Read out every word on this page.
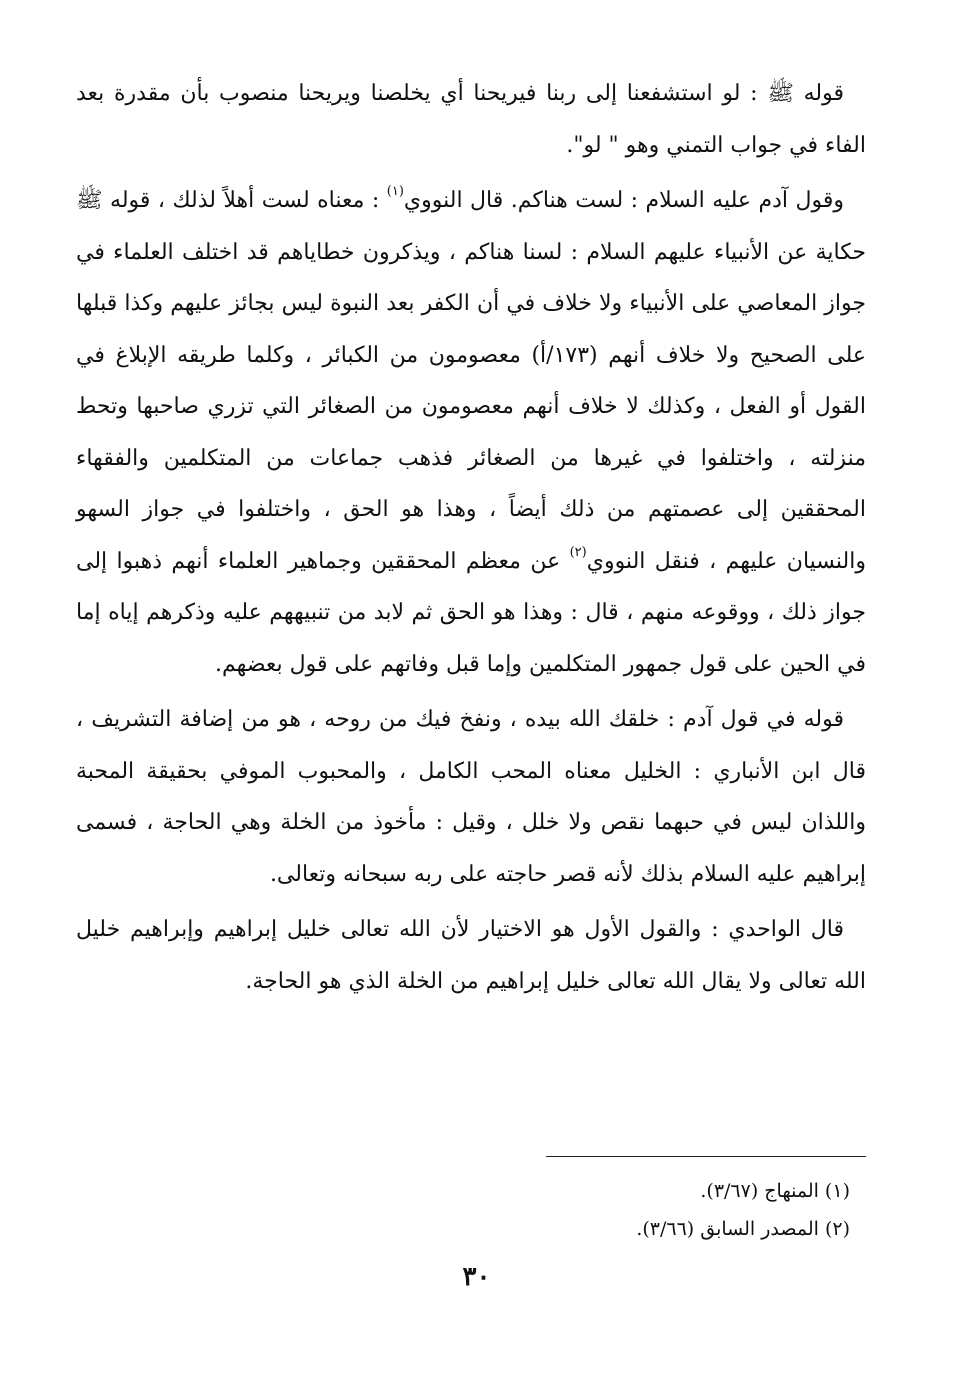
قوله ﷺ : لو استشفعنا إلى ربنا فيريحنا أي يخلصنا ويريحنا منصوب بأن مقدرة بعد الفاء في جواب التمني وهو " لو".

وقول آدم عليه السلام : لست هناكم. قال النووي$^{(١)}$ : معناه لست أهلاً لذلك ، قوله ﷺ حكاية عن الأنبياء عليهم السلام : لسنا هناكم ، ويذكرون خطاياهم قد اختلف العلماء في جواز المعاصي على الأنبياء ولا خلاف في أن الكفر بعد النبوة ليس بجائز عليهم وكذا قبلها على الصحيح ولا خلاف أنهم (١٧٣/أ) معصومون من الكبائر ، وكلما طريقه الإبلاغ في القول أو الفعل ، وكذلك لا خلاف أنهم معصومون من الصغائر التي تزري صاحبها وتحط منزلته ، واختلفوا في غيرها من الصغائر فذهب جماعات من المتكلمين والفقهاء المحققين إلى عصمتهم من ذلك أيضاً ، وهذا هو الحق ، واختلفوا في جواز السهو والنسيان عليهم ، فنقل النووي$^{(٢)}$ عن معظم المحققين وجماهير العلماء أنهم ذهبوا إلى جواز ذلك ، ووقوعه منهم ، قال : وهذا هو الحق ثم لابد من تنبيههم عليه وذكرهم إياه إما في الحين على قول جمهور المتكلمين وإما قبل وفاتهم على قول بعضهم.

قوله في قول آدم : خلقك الله بيده ، ونفخ فيك من روحه ، هو من إضافة التشريف ، قال ابن الأنباري : الخليل معناه المحب الكامل ، والمحبوب الموفي بحقيقة المحبة واللذان ليس في حبهما نقص ولا خلل ، وقيل : مأخوذ من الخلة وهي الحاجة ، فسمى إبراهيم عليه السلام بذلك لأنه قصر حاجته على ربه سبحانه وتعالى.

قال الواحدي : والقول الأول هو الاختيار لأن الله تعالى خليل إبراهيم وإبراهيم خليل الله تعالى ولا يقال الله تعالى خليل إبراهيم من الخلة الذي هو الحاجة.

(١) المنهاج (٣/٦٧).

(٢) المصدر السابق (٣/٦٦).

٣٠
